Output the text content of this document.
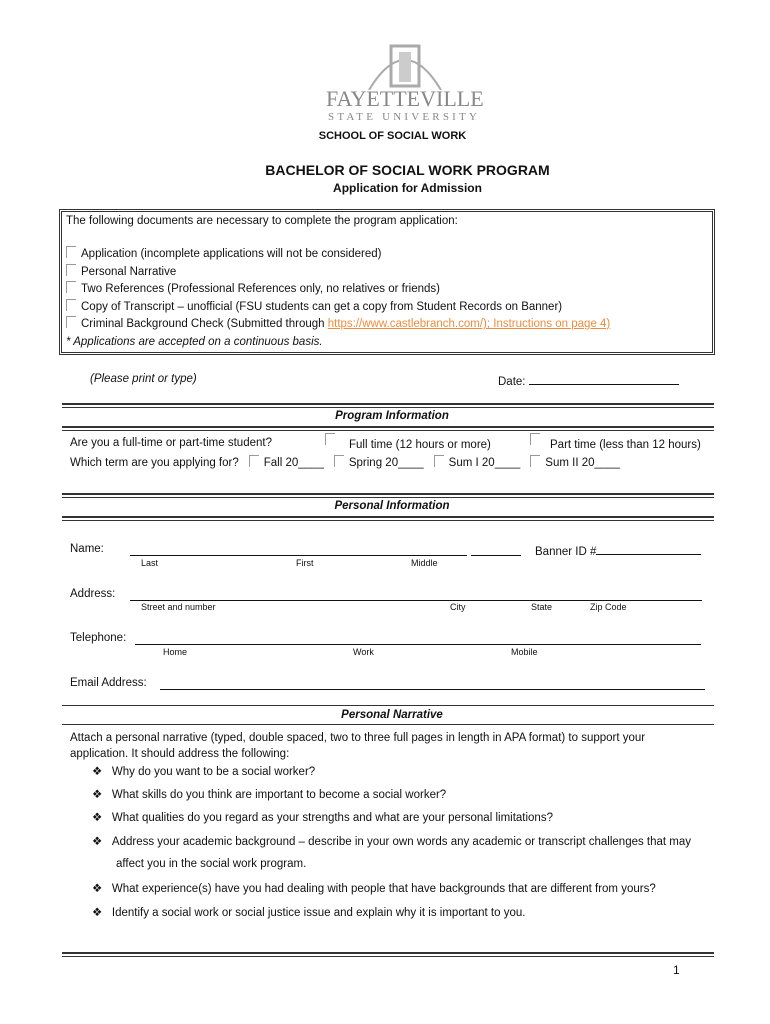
FAYETTEVILLE
STATE UNIVERSITY
SCHOOL OF SOCIAL WORK
BACHELOR OF SOCIAL WORK PROGRAM
Application for Admission
The following documents are necessary to complete the program application:
Application (incomplete applications will not be considered)
Personal Narrative
Two References (Professional References only, no relatives or friends)
Copy of Transcript – unofficial (FSU students can get a copy from Student Records on Banner)
Criminal Background Check (Submitted through https://www.castlebranch.com/); Instructions on page 4)
* Applications are accepted on a continuous basis.
(Please print or type)	Date:
Program Information
Are you a full-time or part-time student?	Full time (12 hours or more)	Part time (less than 12 hours)
Which term are you applying for?	Fall 20____	Spring 20____	Sum I 20____	Sum II 20____
Personal Information
Name:
Last	First	Middle
Banner ID #
Address:
Street and number	City	State	Zip Code
Telephone:
Home	Work	Mobile
Email Address:
Personal Narrative
Attach a personal narrative (typed, double spaced, two to three full pages in length in APA format) to support your
application. It should address the following:
❖ Why do you want to be a social worker?
❖ What skills do you think are important to become a social worker?
❖ What qualities do you regard as your strengths and what are your personal limitations?
❖ Address your academic background – describe in your own words any academic or transcript challenges that may
affect you in the social work program.
❖ What experience(s) have you had dealing with people that have backgrounds that are different from yours?
❖ Identify a social work or social justice issue and explain why it is important to you.
1
